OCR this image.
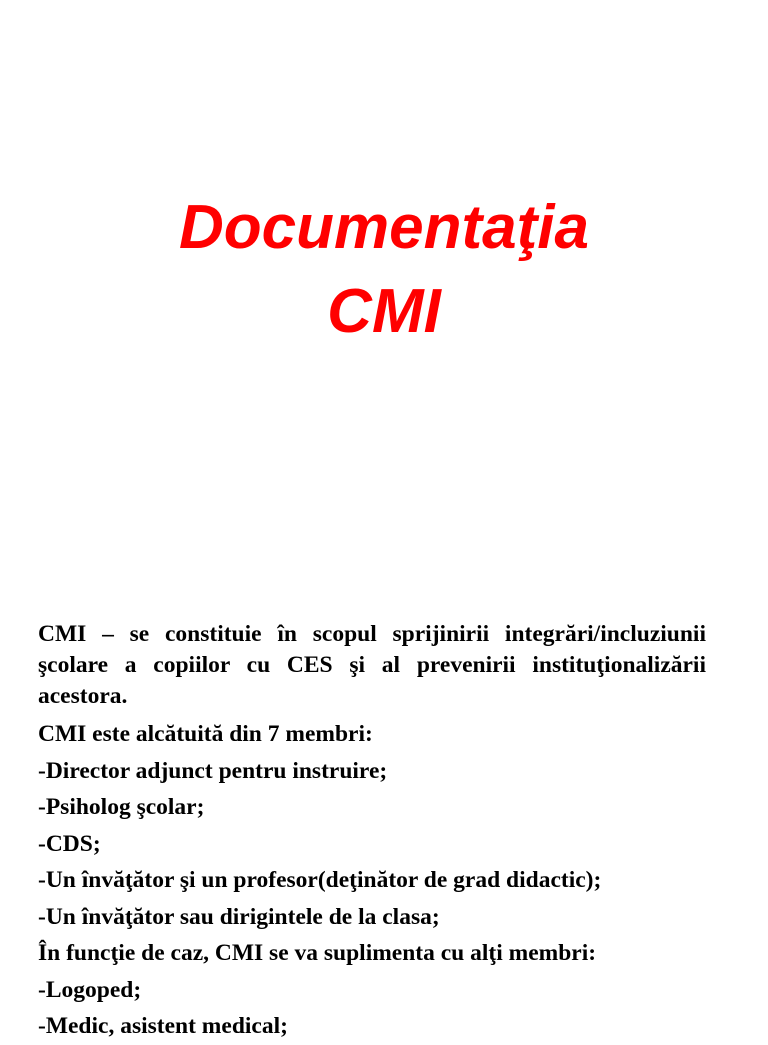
Documentaţia
CMI

CMI – se constituie în scopul sprijinirii integrări/incluziunii şcolare a copiilor cu CES şi al prevenirii instituţionalizării acestora.

CMI este alcătuită din 7 membri:

-Director adjunct pentru instruire;

-Psiholog şcolar;

-CDS;

-Un învăţător şi un profesor(deţinător de grad didactic);

-Un învăţător sau dirigintele de la clasa;

În funcţie de caz, CMI se va suplimenta cu alţi membri:

-Logoped;

-Medic, asistent medical;
